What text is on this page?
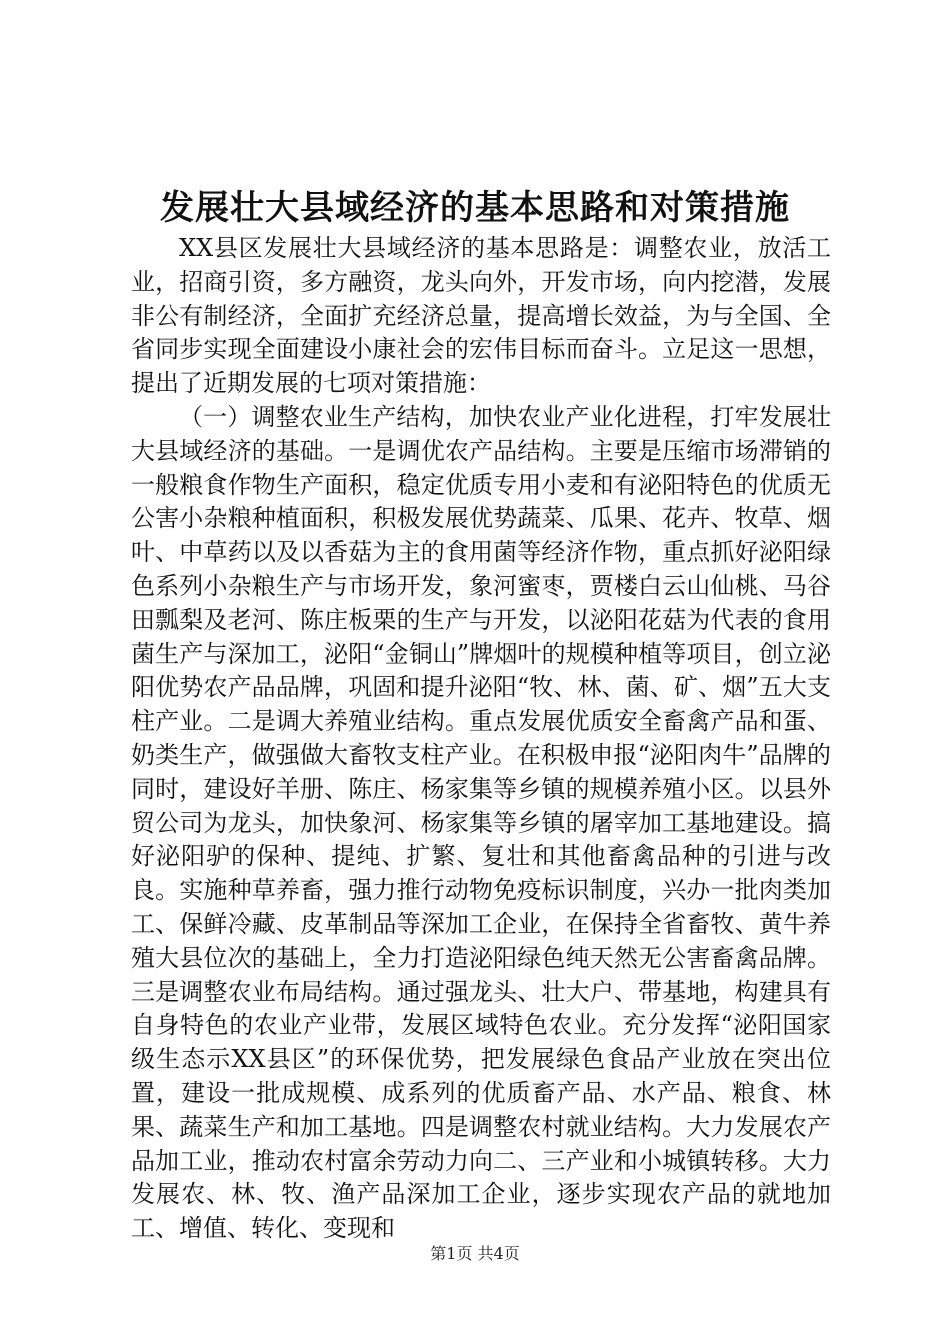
发展壮大县域经济的基本思路和对策措施

XX县区发展壮大县域经济的基本思路是：调整农业，放活工业，招商引资，多方融资，龙头向外，开发市场，向内挖潜，发展非公有制经济，全面扩充经济总量，提高增长效益，为与全国、全省同步实现全面建设小康社会的宏伟目标而奋斗。立足这一思想，提出了近期发展的七项对策措施：

（一）调整农业生产结构，加快农业产业化进程，打牢发展壮大县域经济的基础。一是调优农产品结构。主要是压缩市场滞销的一般粮食作物生产面积，稳定优质专用小麦和有泌阳特色的优质无公害小杂粮种植面积，积极发展优势蔬菜、瓜果、花卉、牧草、烟叶、中草药以及以香菇为主的食用菌等经济作物，重点抓好泌阳绿色系列小杂粮生产与市场开发，象河蜜枣，贾楼白云山仙桃、马谷田瓢梨及老河、陈庄板栗的生产与开发，以泌阳花菇为代表的食用菌生产与深加工，泌阳“金铜山”牌烟叶的规模种植等项目，创立泌阳优势农产品品牌，巩固和提升泌阳“牧、林、菌、矿、烟”五大支柱产业。二是调大养殖业结构。重点发展优质安全畜禽产品和蛋、奶类生产，做强做大畜牧支柱产业。在积极申报“泌阳肉牛”品牌的同时，建设好羊册、陈庄、杨家集等乡镇的规模养殖小区。以县外贸公司为龙头，加快象河、杨家集等乡镇的屠宰加工基地建设。搞好泌阳驴的保种、提纯、扩繁、复壮和其他畜禽品种的引进与改良。实施种草养畜，强力推行动物免疫标识制度，兴办一批肉类加工、保鲜冷藏、皮革制品等深加工企业，在保持全省畜牧、黄牛养殖大县位次的基础上，全力打造泌阳绿色纯天然无公害畜禽品牌。三是调整农业布局结构。通过强龙头、壮大户、带基地，构建具有自身特色的农业产业带，发展区域特色农业。充分发挥“泌阳国家级生态示XX县区”的环保优势，把发展绿色食品产业放在突出位置，建设一批成规模、成系列的优质畜产品、水产品、粮食、林果、蔬菜生产和加工基地。四是调整农村就业结构。大力发展农产品加工业，推动农村富余劳动力向二、三产业和小城镇转移。大力发展农、林、牧、渔产品深加工企业，逐步实现农产品的就地加工、增值、转化、变现和

第1页 共4页
